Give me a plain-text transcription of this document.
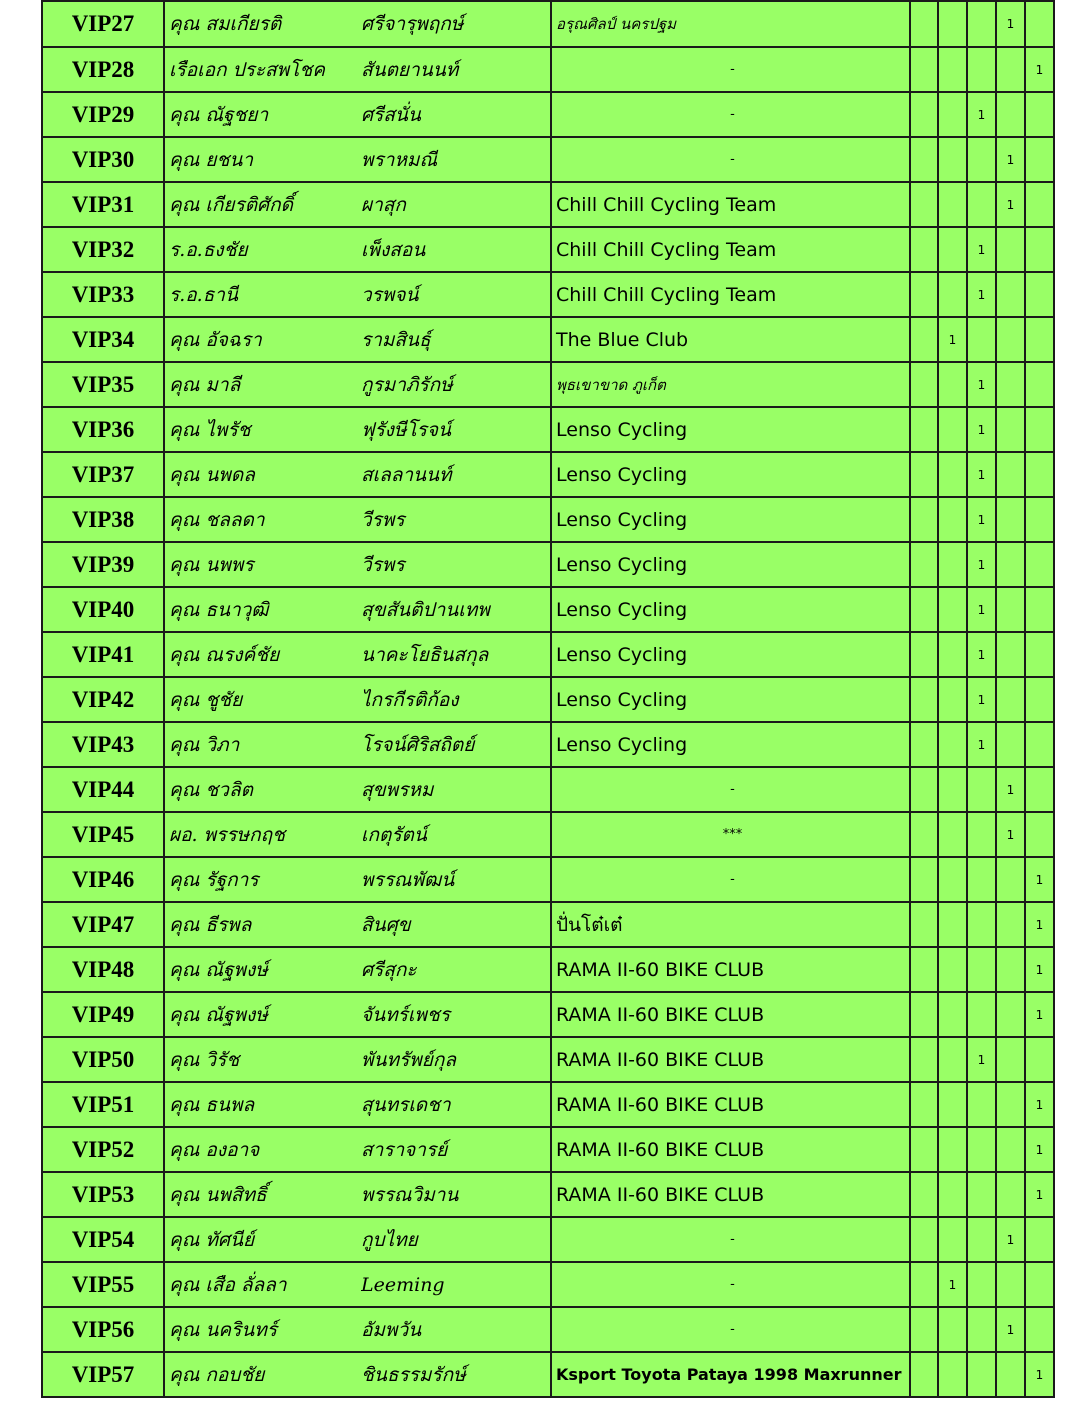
VIP27	คุณ สมเกียรติ	ศรีจารุพฤกษ์	อรุณศิลป์ นครปฐม				1	
VIP28	เรือเอก ประสพโชค	สันตยานนท์	-					1
VIP29	คุณ ณัฐชยา	ศรีสนั่น	-			1		
VIP30	คุณ ยชนา	พราหมณี	-				1	
VIP31	คุณ เกียรติศักดิ์	ผาสุก	Chill Chill Cycling Team				1	
VIP32	ร.อ.ธงชัย	เพ็งสอน	Chill Chill Cycling Team			1		
VIP33	ร.อ.ธานี	วรพจน์	Chill Chill Cycling Team			1		
VIP34	คุณ อัจฉรา	รามสินธุ์	The Blue Club		1			
VIP35	คุณ มาลี	กูรมาภิรักษ์	พุธเขาขาด ภูเก็ต			1		
VIP36	คุณ ไพรัช	ฟุรังษีโรจน์	Lenso Cycling			1		
VIP37	คุณ นพดล	สเลลานนท์	Lenso Cycling			1		
VIP38	คุณ ชลลดา	วีรพร	Lenso Cycling			1		
VIP39	คุณ นพพร	วีรพร	Lenso Cycling			1		
VIP40	คุณ ธนาวุฒิ	สุขสันติปานเทพ	Lenso Cycling			1		
VIP41	คุณ ณรงค์ชัย	นาคะโยธินสกุล	Lenso Cycling			1		
VIP42	คุณ ชูชัย	ไกรกีรติก้อง	Lenso Cycling			1		
VIP43	คุณ วิภา	โรจน์ศิริสถิตย์	Lenso Cycling			1		
VIP44	คุณ ชวลิต	สุขพรหม	-				1	
VIP45	ผอ. พรรษกฤช	เกตุรัตน์	***				1	
VIP46	คุณ รัฐการ	พรรณพัฒน์	-					1
VIP47	คุณ ธีรพล	สินศุข	ปั่นโต๋เต๋					1
VIP48	คุณ ณัฐพงษ์	ศรีสุกะ	RAMA II-60 BIKE CLUB					1
VIP49	คุณ ณัฐพงษ์	จันทร์เพชร	RAMA II-60 BIKE CLUB					1
VIP50	คุณ วิรัช	พันทรัพย์กุล	RAMA II-60 BIKE CLUB			1		
VIP51	คุณ ธนพล	สุนทรเดชา	RAMA II-60 BIKE CLUB					1
VIP52	คุณ องอาจ	สาราจารย์	RAMA II-60 BIKE CLUB					1
VIP53	คุณ นพสิทธิ์	พรรณวิมาน	RAMA II-60 BIKE CLUB					1
VIP54	คุณ ทัศนีย์	กูบไทย	-				1	
VIP55	คุณ เสือ ลั่ลลา	Leeming	-		1			
VIP56	คุณ นครินทร์	อัมพวัน	-				1	
VIP57	คุณ กอบชัย	ชินธรรมรักษ์	Ksport Toyota Pataya 1998 Maxrunner					1
